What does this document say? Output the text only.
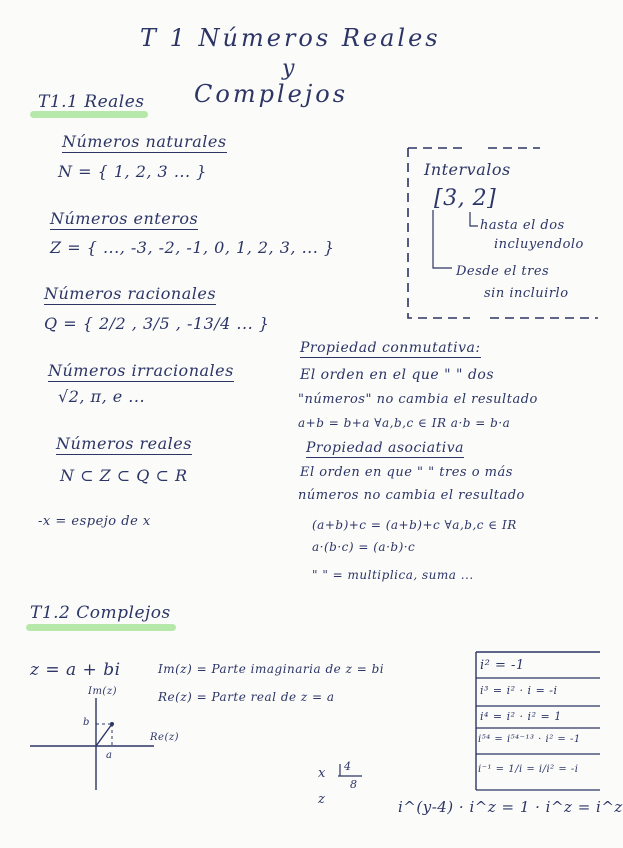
T 1 Números Reales
y
Complejos
T1.1 Reales
Números naturales
N = { 1, 2, 3 ... }
Números enteros
Z = { ..., -3, -2, -1, 0, 1, 2, 3, ... }
Números racionales
Q = { 2/2 , 3/5 , -13/4 ... }
Números irracionales
√2, π, e ...
Números reales
N ⊂ Z ⊂ Q ⊂ R
-x = espejo de x
Intervalos
[3, 2]
hasta el dos
incluyendolo
Desde el tres
sin incluirlo
Propiedad conmutativa:
El orden en el que " " dos
"números" no cambia el resultado
a+b = b+a ∀a,b,c ∈ IR a·b = b·a
Propiedad asociativa
El orden en que " " tres o más
números no cambia el resultado
(a+b)+c = (a+b)+c ∀a,b,c ∈ IR
a·(b·c) = (a·b)·c
" " = multiplica, suma ...
T1.2 Complejos
z = a + bi	Im(z) = Parte imaginaria de z = bi
Re(z) = Parte real de z = a
Im(z)
Re(z)
b
a
i² = -1
i³ = i² · i = -i
i⁴ = i² · i² = 1
i⁵⁴ = i⁵⁴⁻¹³ · i² = -1
i⁻¹ = 1/i = i/i² = -i
x 4
8
z	i^(y-4) · i^z = 1 · i^z = i^z
